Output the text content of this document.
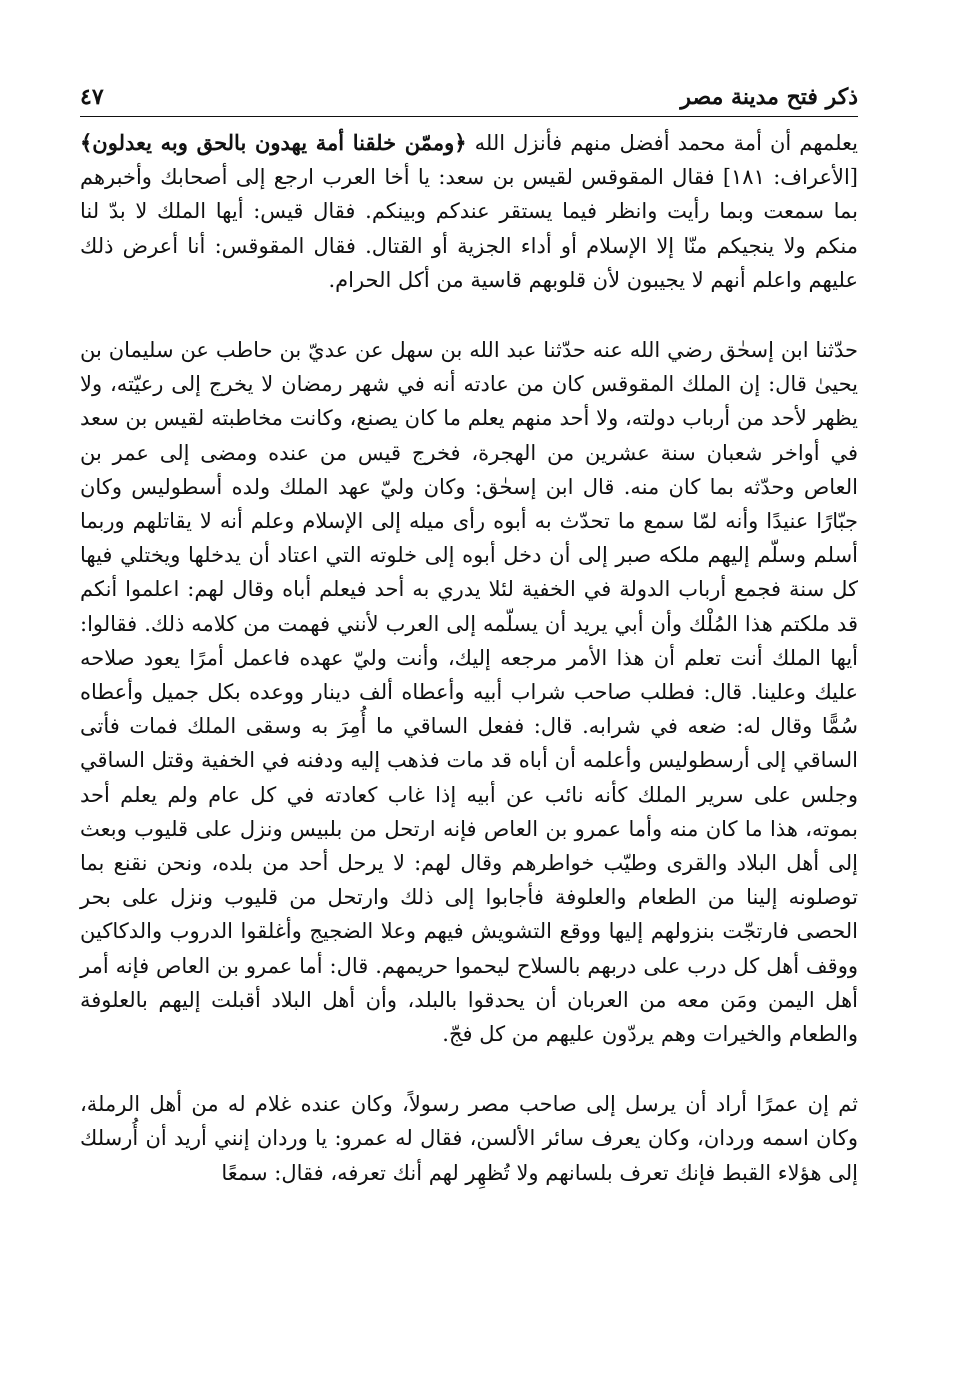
ذكر فتح مدينة مصر
٤٧

يعلمهم أن أمة محمد أفضل منهم فأنزل الله ﴿وممّن خلقنا أمة يهدون بالحق وبه يعدلون﴾ [الأعراف: ١٨١] فقال المقوقس لقيس بن سعد: يا أخا العرب ارجع إلى أصحابك وأخبرهم بما سمعت وبما رأيت وانظر فيما يستقر عندكم وبينكم. فقال قيس: أيها الملك لا بدّ لنا منكم ولا ينجيكم منّا إلا الإسلام أو أداء الجزية أو القتال. فقال المقوقس: أنا أعرض ذلك عليهم واعلم أنهم لا يجيبون لأن قلوبهم قاسية من أكل الحرام.

حدّثنا ابن إسحٰق رضي الله عنه حدّثنا عبد الله بن سهل عن عديّ بن حاطب عن سليمان بن يحيىٰ قال: إن الملك المقوقس كان من عادته أنه في شهر رمضان لا يخرج إلى رعيّته، ولا يظهر لأحد من أرباب دولته، ولا أحد منهم يعلم ما كان يصنع، وكانت مخاطبته لقيس بن سعد في أواخر شعبان سنة عشرين من الهجرة، فخرج قيس من عنده ومضى إلى عمر بن العاص وحدّثه بما كان منه. قال ابن إسحٰق: وكان وليّ عهد الملك ولده أسطوليس وكان جبّارًا عنيدًا وأنه لمّا سمع ما تحدّث به أبوه رأى ميله إلى الإسلام وعلم أنه لا يقاتلهم وربما أسلم وسلّم إليهم ملكه صبر إلى أن دخل أبوه إلى خلوته التي اعتاد أن يدخلها ويختلي فيها كل سنة فجمع أرباب الدولة في الخفية لئلا يدري به أحد فيعلم أباه وقال لهم: اعلموا أنكم قد ملكتم هذا المُلْك وأن أبي يريد أن يسلّمه إلى العرب لأنني فهمت من كلامه ذلك. فقالوا: أيها الملك أنت تعلم أن هذا الأمر مرجعه إليك، وأنت وليّ عهده فاعمل أمرًا يعود صلاحه عليك وعلينا. قال: فطلب صاحب شراب أبيه وأعطاه ألف دينار ووعده بكل جميل وأعطاه سُمًّا وقال له: ضعه في شرابه. قال: ففعل الساقي ما أُمِرَ به وسقى الملك فمات فأتى الساقي إلى أرسطوليس وأعلمه أن أباه قد مات فذهب إليه ودفنه في الخفية وقتل الساقي وجلس على سرير الملك كأنه نائب عن أبيه إذا غاب كعادته في كل عام ولم يعلم أحد بموته، هذا ما كان منه وأما عمرو بن العاص فإنه ارتحل من بلبيس ونزل على قليوب وبعث إلى أهل البلاد والقرى وطيّب خواطرهم وقال لهم: لا يرحل أحد من بلده، ونحن نقنع بما توصلونه إلينا من الطعام والعلوفة فأجابوا إلى ذلك وارتحل من قليوب ونزل على بحر الحصى فارتجّت بنزولهم إليها ووقع التشويش فيهم وعلا الضجيج وأغلقوا الدروب والدكاكين ووقف أهل كل درب على دربهم بالسلاح ليحموا حريمهم. قال: أما عمرو بن العاص فإنه أمر أهل اليمن ومَن معه من العربان أن يحدقوا بالبلد، وأن أهل البلاد أقبلت إليهم بالعلوفة والطعام والخيرات وهم يردّون عليهم من كل فجّ.

ثم إن عمرًا أراد أن يرسل إلى صاحب مصر رسولاً، وكان عنده غلام له من أهل الرملة، وكان اسمه وردان، وكان يعرف سائر الألسن، فقال له عمرو: يا وردان إنني أريد أن أُرسلك إلى هؤلاء القبط فإنك تعرف بلسانهم ولا تُظهِر لهم أنك تعرفه، فقال: سمعًا
